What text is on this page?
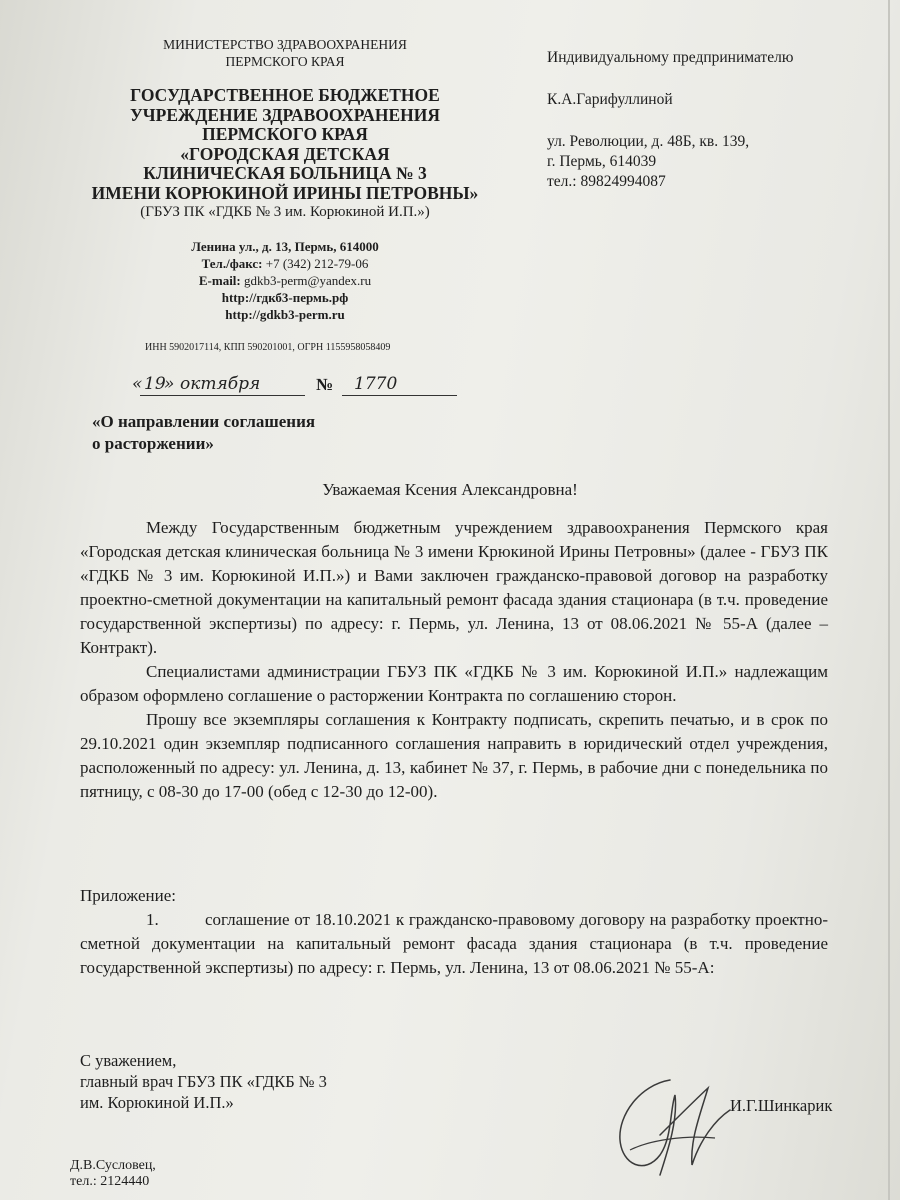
МИНИСТЕРСТВО ЗДРАВООХРАНЕНИЯ
ПЕРМСКОГО КРАЯ
ГОСУДАРСТВЕННОЕ БЮДЖЕТНОЕ
УЧРЕЖДЕНИЕ ЗДРАВООХРАНЕНИЯ
ПЕРМСКОГО КРАЯ
«ГОРОДСКАЯ ДЕТСКАЯ
КЛИНИЧЕСКАЯ БОЛЬНИЦА № 3
ИМЕНИ КОРЮКИНОЙ ИРИНЫ ПЕТРОВНЫ»
(ГБУЗ ПК «ГДКБ № 3 им. Корюкиной И.П.»)
Ленина ул., д. 13, Пермь, 614000
Тел./факс: +7 (342) 212-79-06
E-mail: gdkb3-perm@yandex.ru
http://гдкб3-пермь.рф
http://gdkb3-perm.ru
ИНН 5902017114, КПП 590201001, ОГРН 1155958058409
« 19
» октября	№ 1770
«О направлении соглашения
о расторжении»
Индивидуальному предпринимателю
К.А.Гарифуллиной
ул. Революции, д. 48Б, кв. 139,
г. Пермь, 614039
тел.: 89824994087
Уважаемая Ксения Александровна!

Между Государственным бюджетным учреждением здравоохранения Пермского края «Городская детская клиническая больница № 3 имени Крюкиной Ирины Петровны» (далее - ГБУЗ ПК «ГДКБ № 3 им. Корюкиной И.П.») и Вами заключен гражданско-правовой договор на разработку проектно-сметной документации на капитальный ремонт фасада здания стационара (в т.ч. проведение государственной экспертизы) по адресу: г. Пермь, ул. Ленина, 13 от 08.06.2021 № 55-А (далее – Контракт).

Специалистами администрации ГБУЗ ПК «ГДКБ № 3 им. Корюкиной И.П.» надлежащим образом оформлено соглашение о расторжении Контракта по соглашению сторон.

Прошу все экземпляры соглашения к Контракту подписать, скрепить печатью, и в срок по 29.10.2021 один экземпляр подписанного соглашения направить в юридический отдел учреждения, расположенный по адресу: ул. Ленина, д. 13, кабинет № 37, г. Пермь, в рабочие дни с понедельника по пятницу, с 08-30 до 17-00 (обед с 12-30 до 12-00).

Приложение:
1.	соглашение от 18.10.2021 к гражданско-правовому договору на разработку проектно-сметной документации на капитальный ремонт фасада здания стационара (в т.ч. проведение государственной экспертизы) по адресу: г. Пермь, ул. Ленина, 13 от 08.06.2021 № 55-А:
С уважением,
главный врач ГБУЗ ПК «ГДКБ № 3
им. Корюкиной И.П.»	И.Г.Шинкарик
Д.В.Сусловец,
тел.: 2124440
